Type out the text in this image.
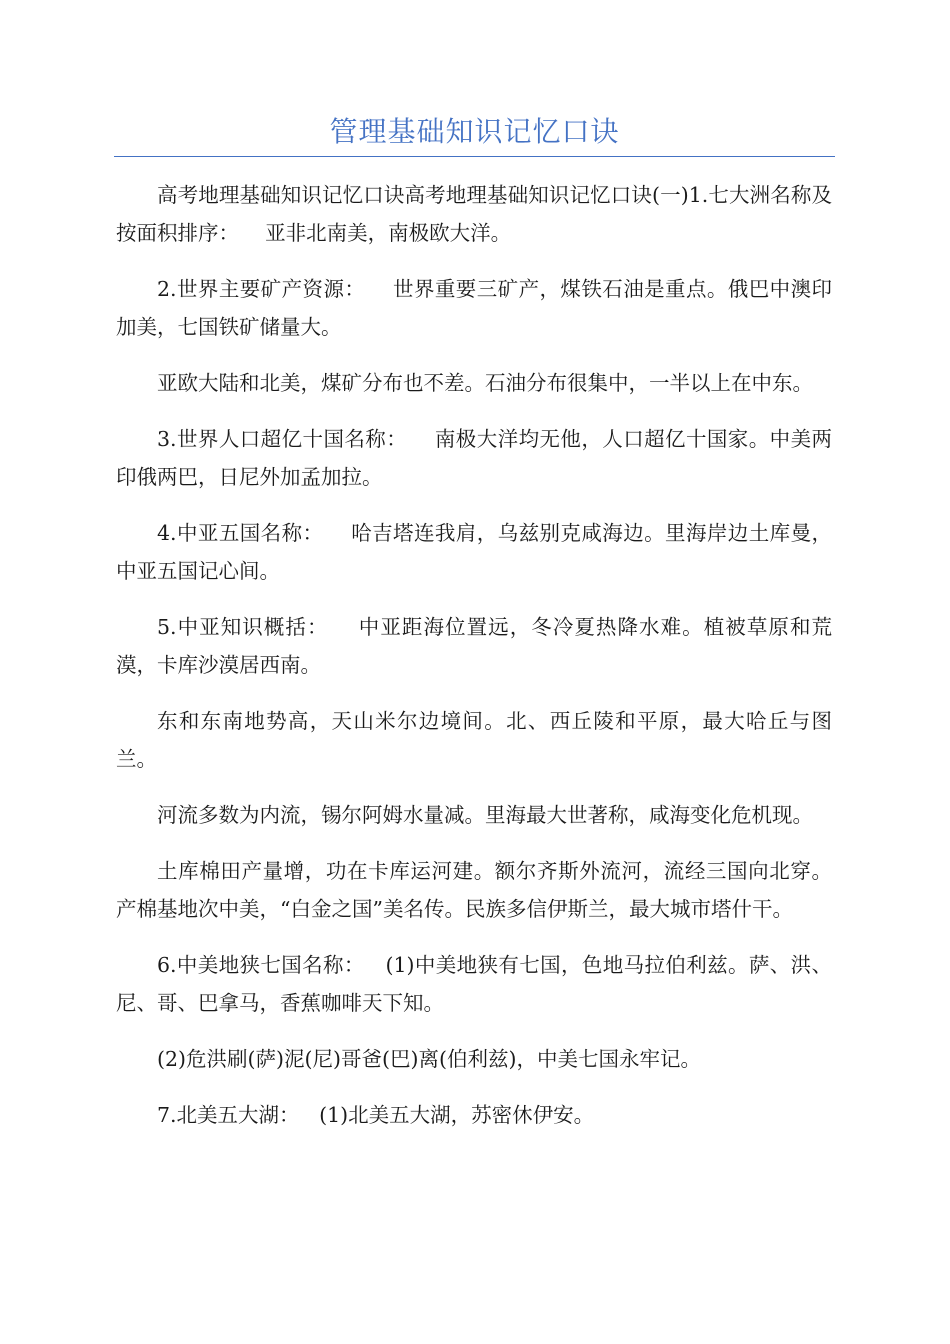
管理基础知识记忆口诀

高考地理基础知识记忆口诀高考地理基础知识记忆口诀(一)1.七大洲名称及按面积排序：    亚非北南美，南极欧大洋。

2.世界主要矿产资源：    世界重要三矿产，煤铁石油是重点。俄巴中澳印加美，七国铁矿储量大。

亚欧大陆和北美，煤矿分布也不差。石油分布很集中，一半以上在中东。

3.世界人口超亿十国名称：    南极大洋均无他，人口超亿十国家。中美两印俄两巴，日尼外加孟加拉。

4.中亚五国名称：    哈吉塔连我肩，乌兹别克咸海边。里海岸边土库曼，中亚五国记心间。

5.中亚知识概括：    中亚距海位置远，冬冷夏热降水难。植被草原和荒漠，卡库沙漠居西南。

东和东南地势高，天山米尔边境间。北、西丘陵和平原，最大哈丘与图兰。

河流多数为内流，锡尔阿姆水量减。里海最大世著称，咸海变化危机现。

土库棉田产量增，功在卡库运河建。额尔齐斯外流河，流经三国向北穿。产棉基地次中美，“白金之国”美名传。民族多信伊斯兰，最大城市塔什干。

6.中美地狭七国名称：   (1)中美地狭有七国，色地马拉伯利兹。萨、洪、尼、哥、巴拿马，香蕉咖啡天下知。

(2)危洪刷(萨)泥(尼)哥爸(巴)离(伯利兹)，中美七国永牢记。

7.北美五大湖：   (1)北美五大湖，苏密休伊安。
